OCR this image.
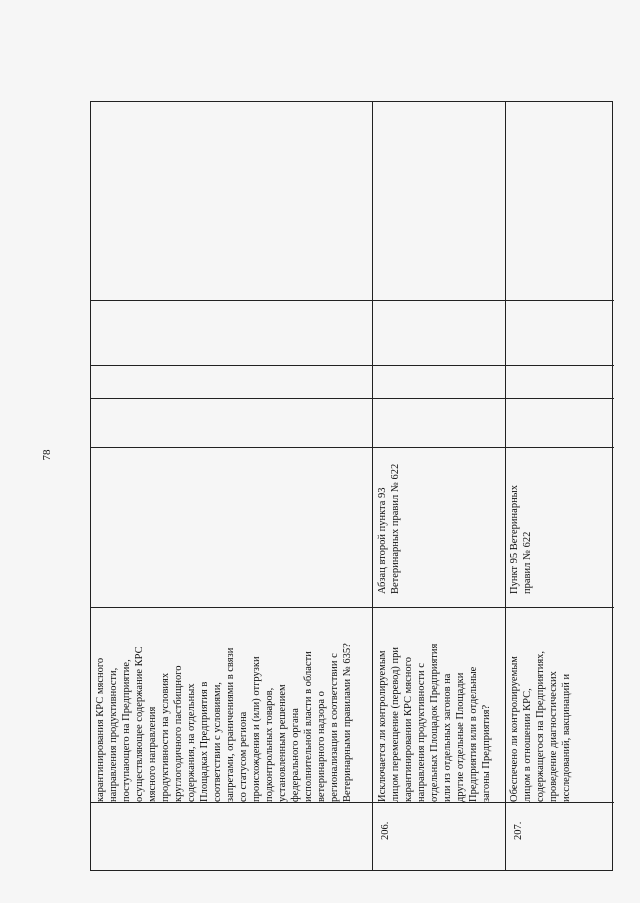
78
карантинирования КРС мясного
направления продуктивности,
поступающего на Предприятие,
осуществляющее содержание КРС
мясного направления
продуктивности на условиях
круглогодичного пастбищного
содержания, на отдельных
Площадках Предприятия в
соответствии с условиями,
запретами, ограничениями в связи
со статусом региона
происхождения и (или) отгрузки
подконтрольных товаров,
установленным решением
федерального органа
исполнительной власти в области
ветеринарного надзора о
регионализации в соответствии с
Ветеринарными правилами № 635?
206.
Исключается ли контролируемым
лицом перемещение (перевод) при
карантинировании КРС мясного
направления продуктивности с
отдельных Площадок Предприятия
или из отдельных загонов на
другие отдельные Площадки
Предприятия или в отдельные
загоны Предприятия?
Абзац второй пункта 93
Ветеринарных правил № 622
207.
Обеспечено ли контролируемым
лицом в отношении КРС,
содержащегося на Предприятиях,
проведение диагностических
исследований, вакцинаций и
Пункт 95 Ветеринарных
правил № 622
